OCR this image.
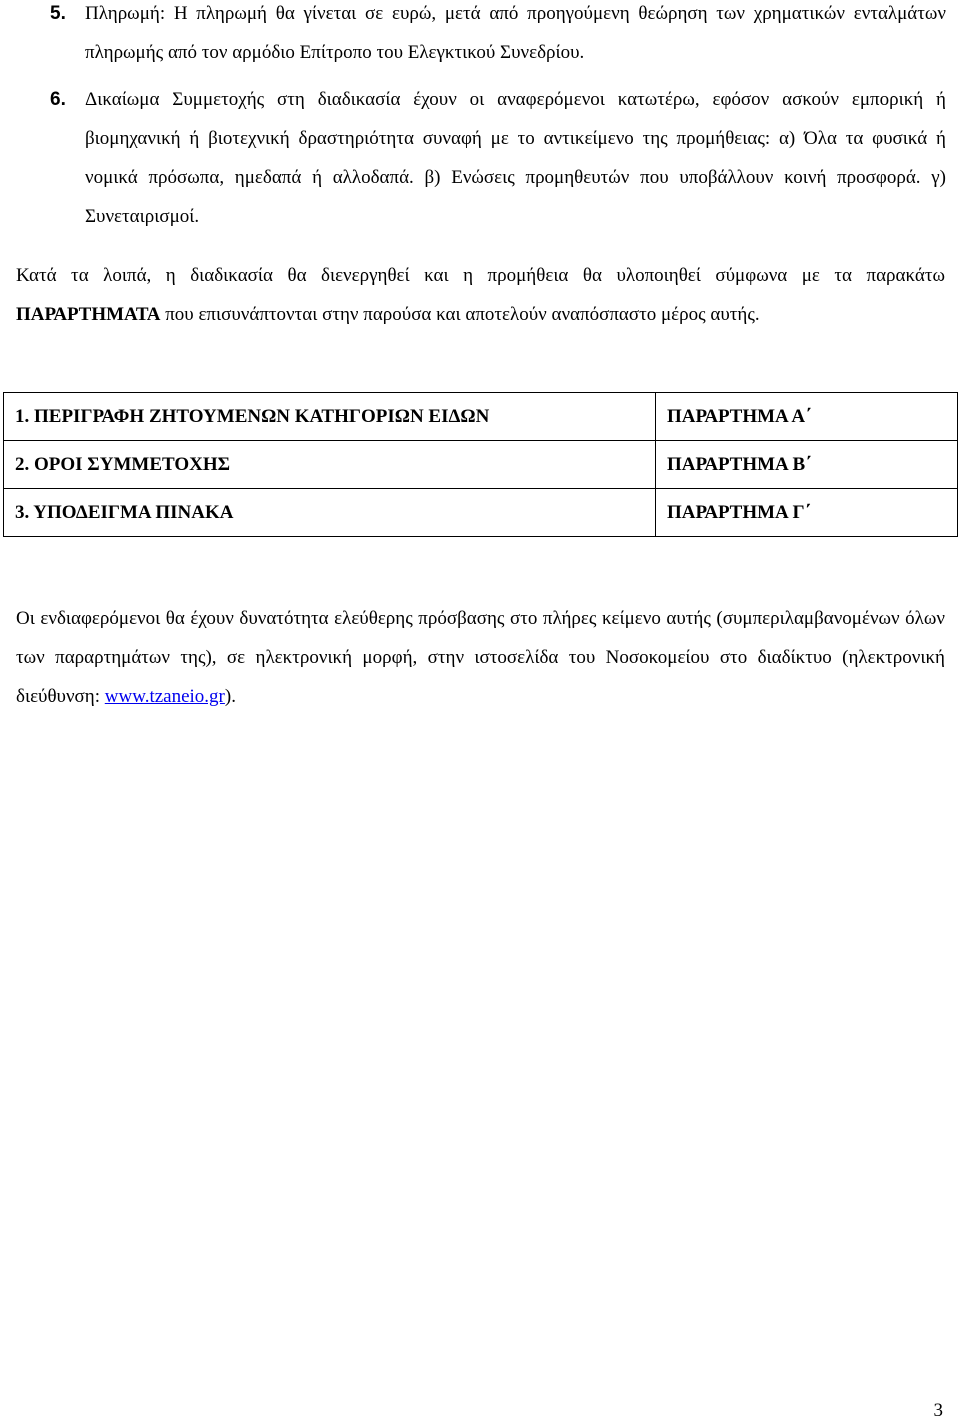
5. Πληρωμή: Η πληρωμή θα γίνεται σε ευρώ, μετά από προηγούμενη θεώρηση των χρηματικών ενταλμάτων πληρωμής από τον αρμόδιο Επίτροπο του Ελεγκτικού Συνεδρίου.
6. Δικαίωμα Συμμετοχής στη διαδικασία έχουν οι αναφερόμενοι κατωτέρω, εφόσον ασκούν εμπορική ή βιομηχανική ή βιοτεχνική δραστηριότητα συναφή με το αντικείμενο της προμήθειας: α) Όλα τα φυσικά ή νομικά πρόσωπα, ημεδαπά ή αλλοδαπά. β) Ενώσεις προμηθευτών που υποβάλλουν κοινή προσφορά. γ) Συνεταιρισμοί.
Κατά τα λοιπά, η διαδικασία θα διενεργηθεί και η προμήθεια θα υλοποιηθεί σύμφωνα με τα παρακάτω ΠΑΡΑΡΤΗΜΑΤΑ που επισυνάπτονται στην παρούσα και αποτελούν αναπόσπαστο μέρος αυτής.
1. ΠΕΡΙΓΡΑΦΗ ΖΗΤΟΥΜΕΝΩΝ ΚΑΤΗΓΟΡΙΩΝ ΕΙΔΩΝ	ΠΑΡΑΡΤΗΜΑ Α΄
2. ΟΡΟΙ ΣΥΜΜΕΤΟΧΗΣ	ΠΑΡΑΡΤΗΜΑ Β΄
3. ΥΠΟΔΕΙΓΜΑ ΠΙΝΑΚΑ	ΠΑΡΑΡΤΗΜΑ Γ΄
Οι ενδιαφερόμενοι θα έχουν δυνατότητα ελεύθερης πρόσβασης στο πλήρες κείμενο αυτής (συμπεριλαμβανομένων όλων των παραρτημάτων της), σε ηλεκτρονική μορφή, στην ιστοσελίδα του Νοσοκομείου στο διαδίκτυο (ηλεκτρονική διεύθυνση: www.tzaneio.gr).
3
